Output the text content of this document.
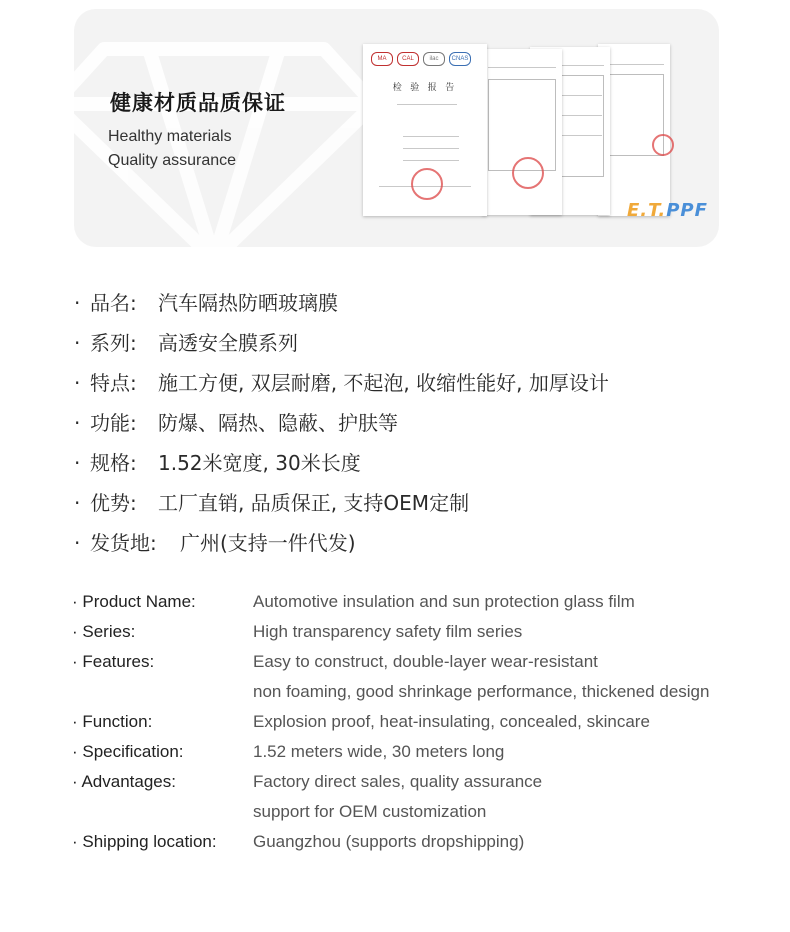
健康材质品质保证
Healthy materials
Quality assurance
MA	CAL	ilac	CNAS
检 验 报 告
E.T.PPF
· 品名: 汽车隔热防晒玻璃膜
· 系列: 高透安全膜系列
· 特点: 施工方便, 双层耐磨, 不起泡, 收缩性能好, 加厚设计
· 功能: 防爆、隔热、隐蔽、护肤等
· 规格: 1.52米宽度, 30米长度
· 优势: 工厂直销, 品质保正, 支持OEM定制
· 发货地: 广州(支持一件代发)
· Product Name:	Automotive insulation and sun protection glass film
· Series:	High transparency safety film series
· Features:	Easy to construct, double-layer wear-resistant
non foaming, good shrinkage performance, thickened design
· Function:	Explosion proof, heat-insulating, concealed, skincare
· Specification:	1.52 meters wide, 30 meters long
· Advantages:	Factory direct sales, quality assurance
support for OEM customization
· Shipping location:	Guangzhou (supports dropshipping)
